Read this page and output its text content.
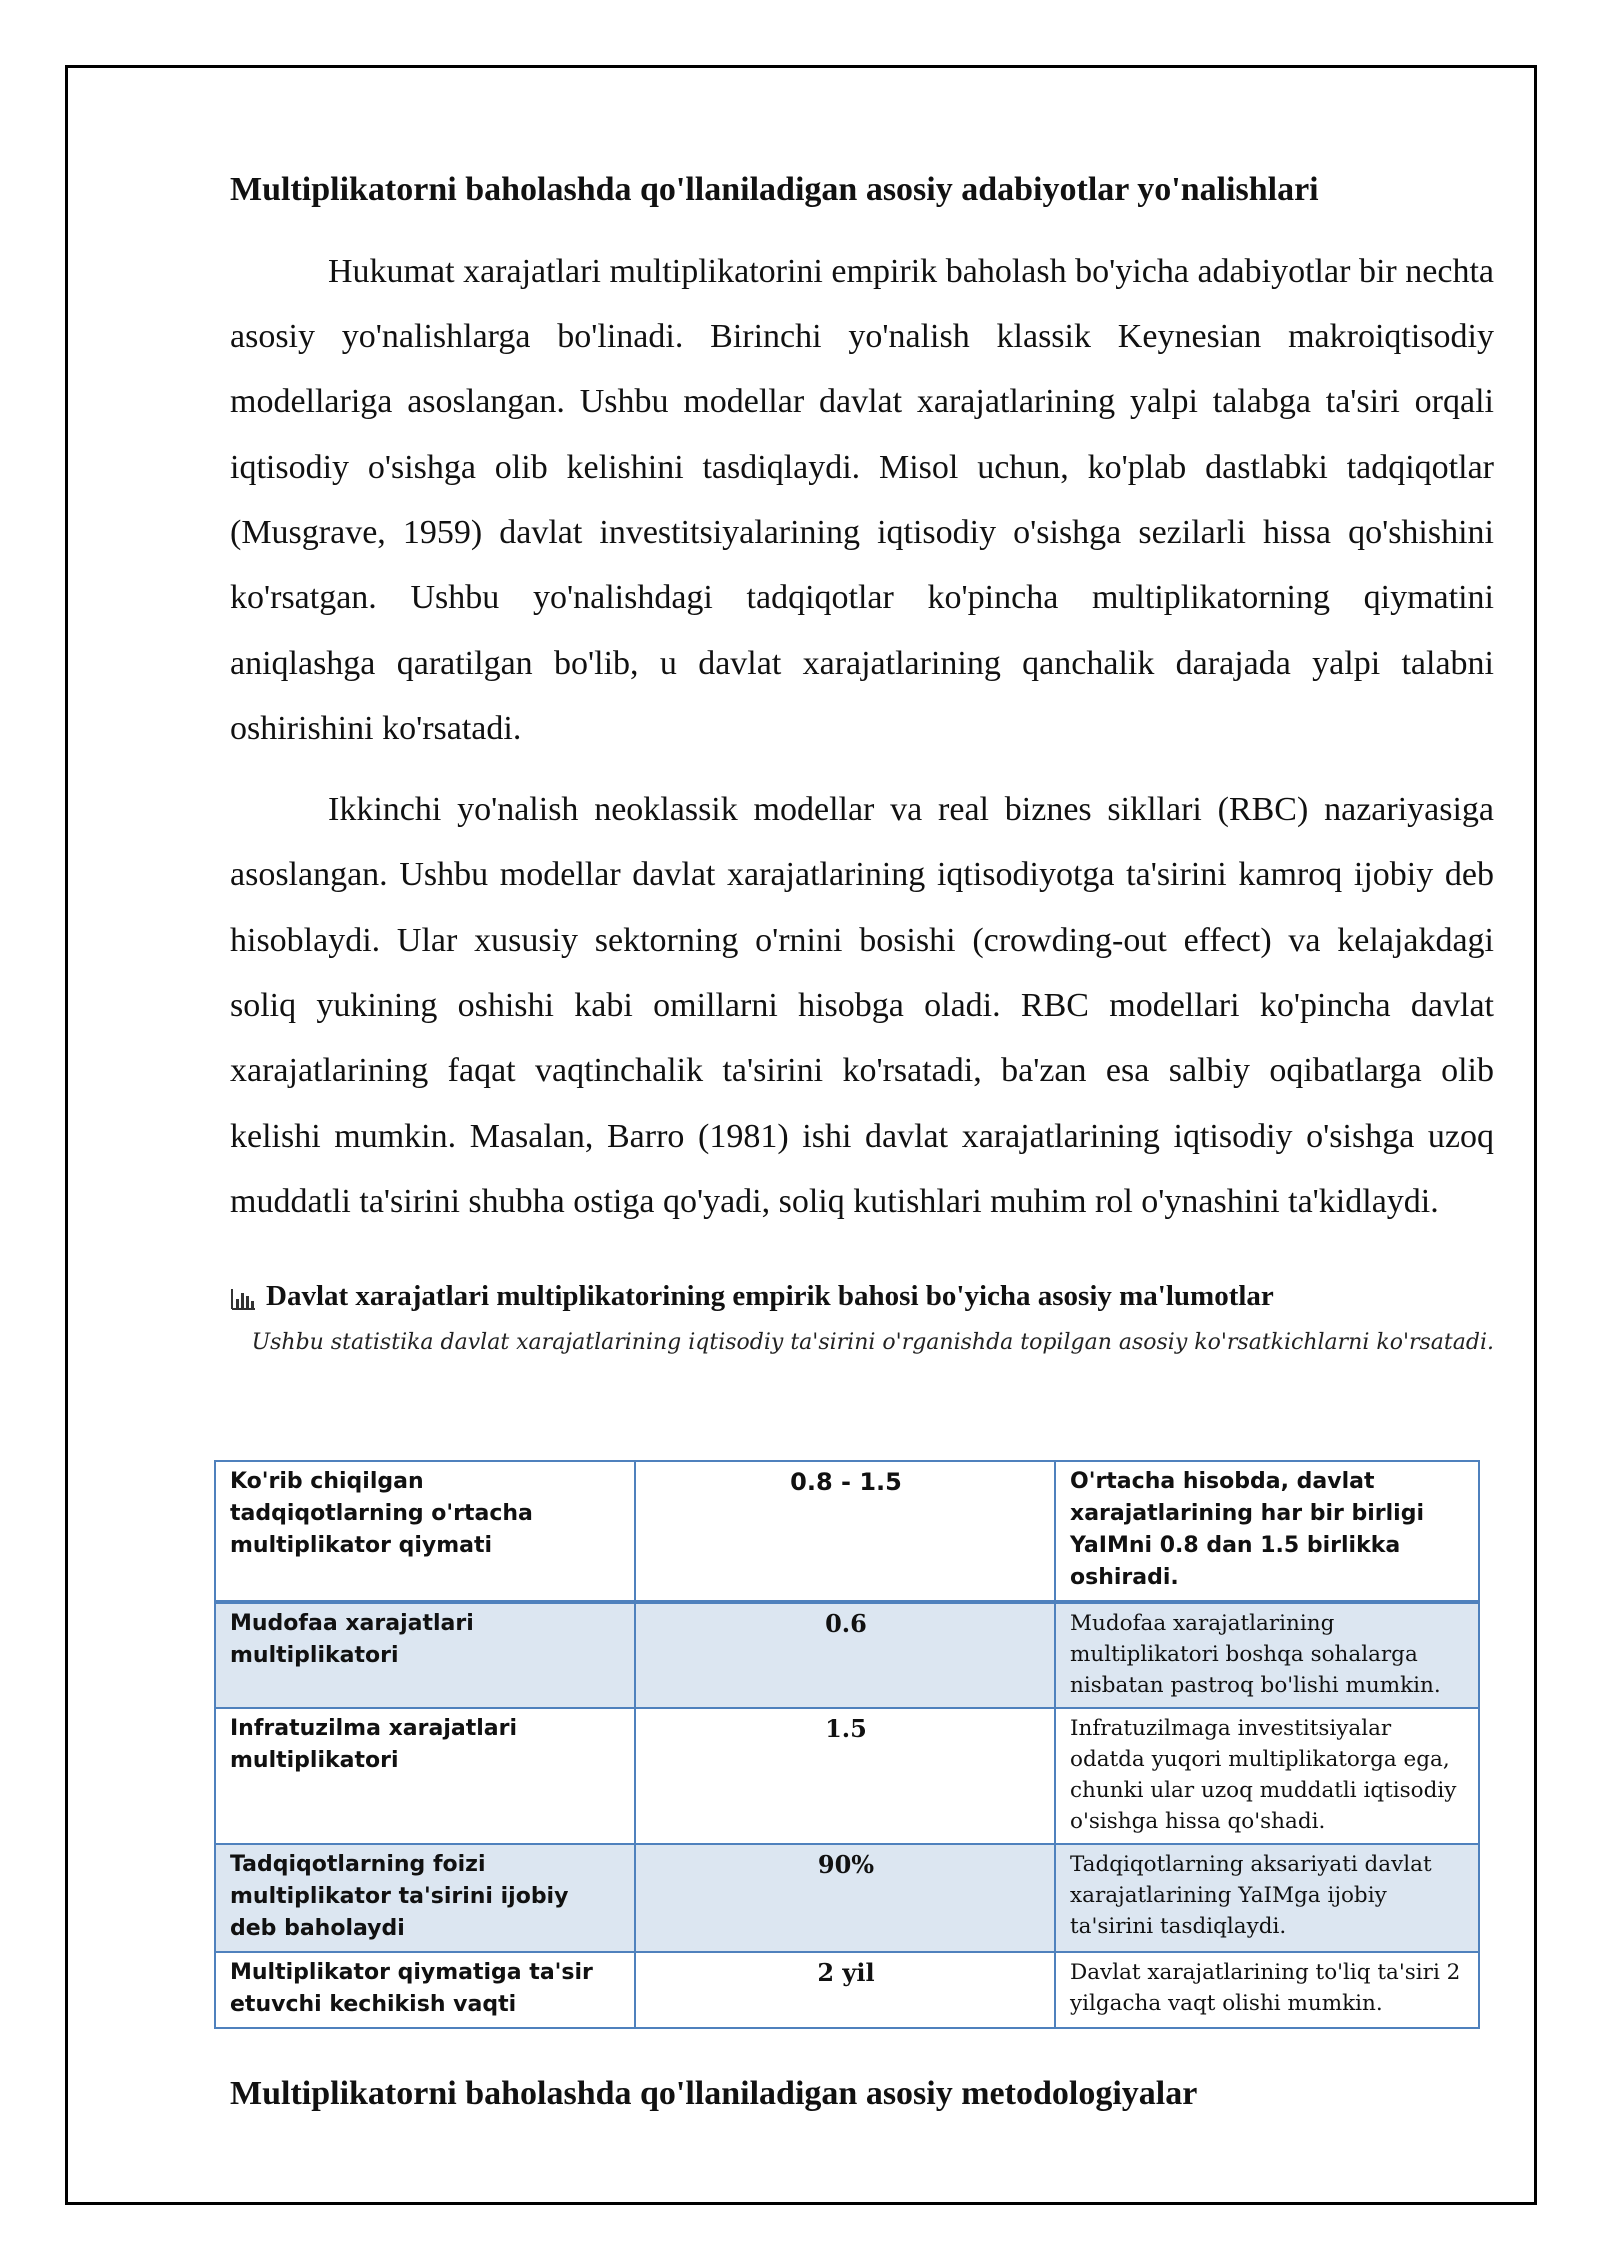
Multiplikatorni baholashda qo'llaniladigan asosiy adabiyotlar yo'nalishlari

Hukumat xarajatlari multiplikatorini empirik baholash bo'yicha adabiyotlar bir nechta asosiy yo'nalishlarga bo'linadi. Birinchi yo'nalish klassik Keynesian makroiqtisodiy modellariga asoslangan. Ushbu modellar davlat xarajatlarining yalpi talabga ta'siri orqali iqtisodiy o'sishga olib kelishini tasdiqlaydi. Misol uchun, ko'plab dastlabki tadqiqotlar (Musgrave, 1959) davlat investitsiyalarining iqtisodiy o'sishga sezilarli hissa qo'shishini ko'rsatgan. Ushbu yo'nalishdagi tadqiqotlar ko'pincha multiplikatorning qiymatini aniqlashga qaratilgan bo'lib, u davlat xarajatlarining qanchalik darajada yalpi talabni oshirishini ko'rsatadi.

Ikkinchi yo'nalish neoklassik modellar va real biznes sikllari (RBC) nazariyasiga asoslangan. Ushbu modellar davlat xarajatlarining iqtisodiyotga ta'sirini kamroq ijobiy deb hisoblaydi. Ular xususiy sektorning o'rnini bosishi (crowding-out effect) va kelajakdagi soliq yukining oshishi kabi omillarni hisobga oladi. RBC modellari ko'pincha davlat xarajatlarining faqat vaqtinchalik ta'sirini ko'rsatadi, ba'zan esa salbiy oqibatlarga olib kelishi mumkin. Masalan, Barro (1981) ishi davlat xarajatlarining iqtisodiy o'sishga uzoq muddatli ta'sirini shubha ostiga qo'yadi, soliq kutishlari muhim rol o'ynashini ta'kidlaydi.

Davlat xarajatlari multiplikatorining empirik bahosi bo'yicha asosiy ma'lumotlar
Ushbu statistika davlat xarajatlarining iqtisodiy ta'sirini o'rganishda topilgan asosiy ko'rsatkichlarni ko'rsatadi.
Ko'rib chiqilgan tadqiqotlarning o'rtacha multiplikator qiymati	0.8 - 1.5	O'rtacha hisobda, davlat xarajatlarining har bir birligi YaIMni 0.8 dan 1.5 birlikka oshiradi.
Mudofaa xarajatlari multiplikatori	0.6	Mudofaa xarajatlarining multiplikatori boshqa sohalarga nisbatan pastroq bo'lishi mumkin.
Infratuzilma xarajatlari multiplikatori	1.5	Infratuzilmaga investitsiyalar odatda yuqori multiplikatorga ega, chunki ular uzoq muddatli iqtisodiy o'sishga hissa qo'shadi.
Tadqiqotlarning foizi multiplikator ta'sirini ijobiy deb baholaydi	90%	Tadqiqotlarning aksariyati davlat xarajatlarining YaIMga ijobiy ta'sirini tasdiqlaydi.
Multiplikator qiymatiga ta'sir etuvchi kechikish vaqti	2 yil	Davlat xarajatlarining to'liq ta'siri 2 yilgacha vaqt olishi mumkin.
Multiplikatorni baholashda qo'llaniladigan asosiy metodologiyalar
